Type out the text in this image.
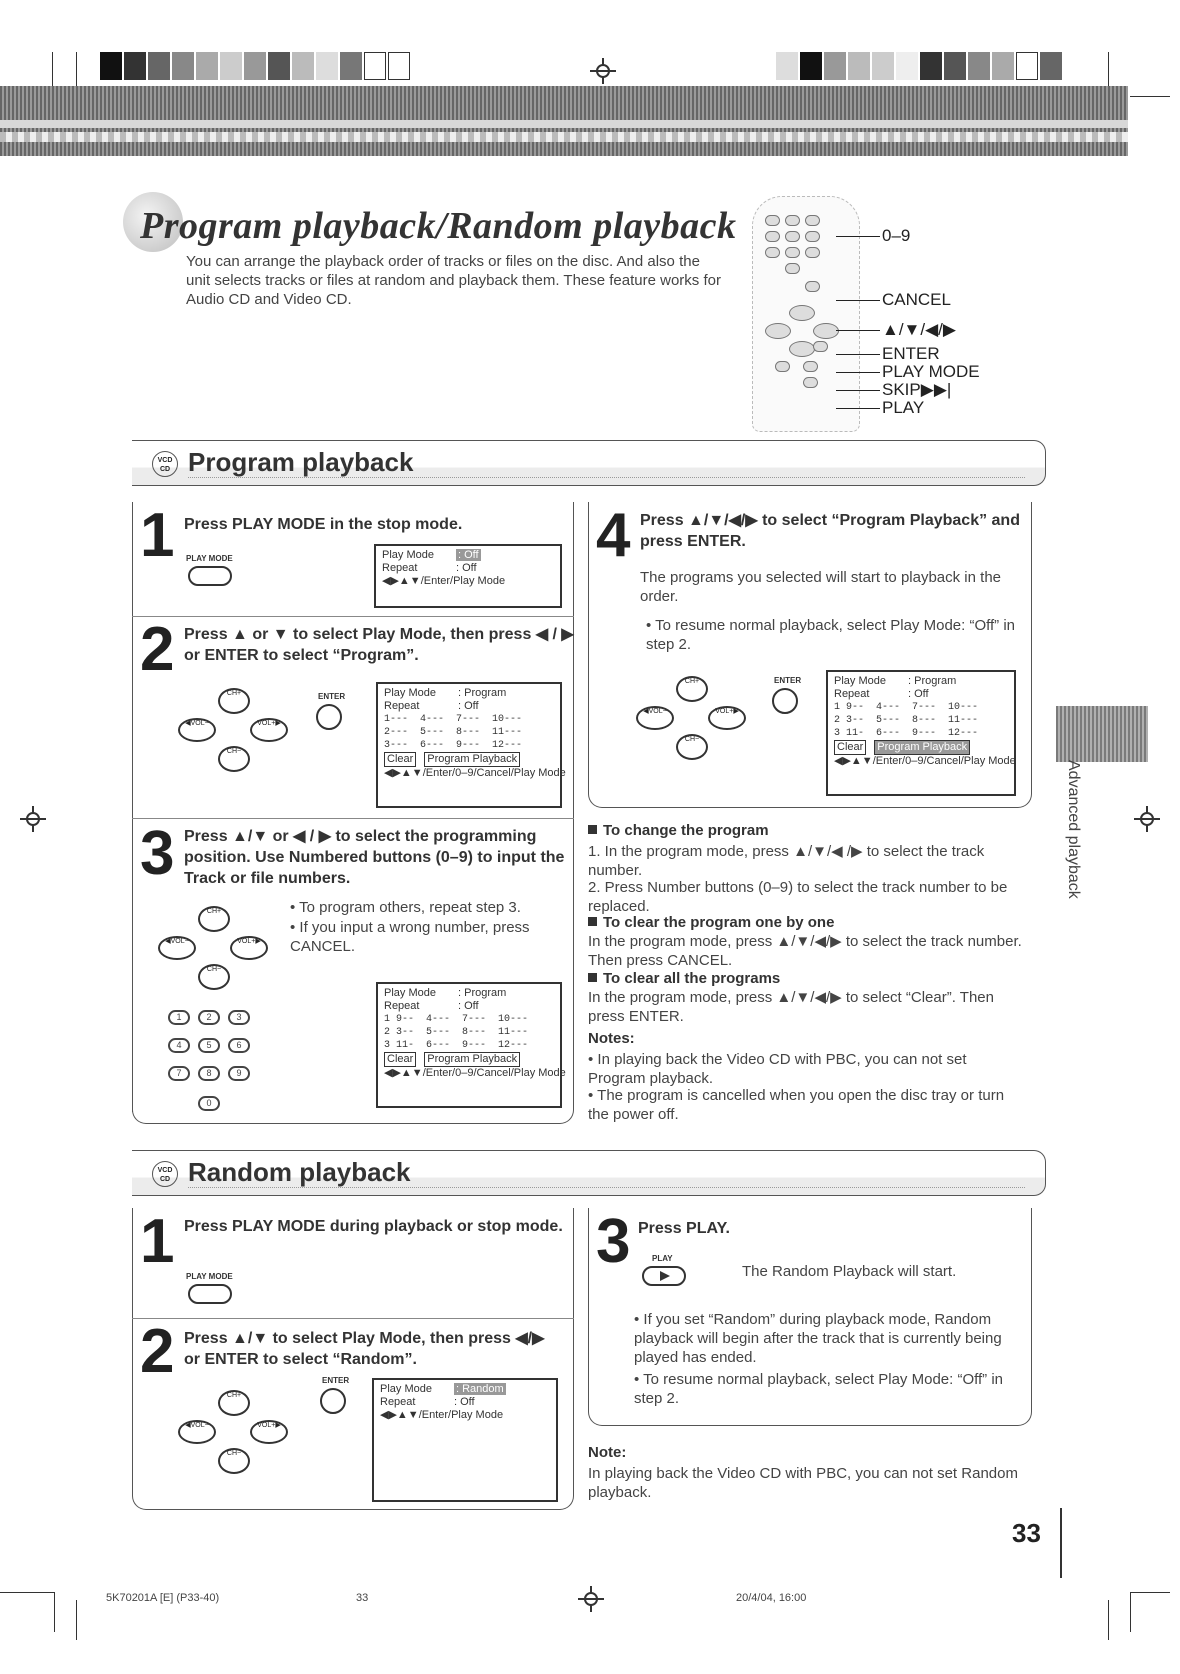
Program playback/Random playback
You can arrange the playback order of tracks or files on the disc. And also the unit selects tracks or files at random and playback them. These feature works for Audio CD and Video CD.
0–9
CANCEL
▲/▼/◀/▶
ENTER
PLAY MODE
SKIP▶▶|
PLAY
VCD
CD Program playback
1 Press PLAY MODE in the stop mode.
PLAY MODE	Play Mode : Off
Repeat	: Off
◀▶▲▼/Enter/Play Mode
2 Press ▲ or ▼ to select Play Mode, then press ◀ / ▶ or ENTER to select “Program”.
CH+
◀VOL−	VOL+▶
CH−
ENTER	Play Mode : Program
Repeat	: Off
1---  4---  7---  10---
2---  5---  8---  11---
3---  6---  9---  12---
Clear Program Playback
◀▶▲▼/Enter/0–9/Cancel/Play Mode
3 Press ▲/▼ or ◀ / ▶ to select the programming position. Use Numbered buttons (0–9) to input the Track or file numbers.
CH+
◀VOL−	VOL+▶
CH−
• To program others, repeat step 3.
• If you input a wrong number, press CANCEL.
1	2	3
4	5	6
7	8	9
0
Play Mode : Program
Repeat	: Off
1 9--  4---  7---  10---
2 3--  5---  8---  11---
3 11-  6---  9---  12---
Clear Program Playback
◀▶▲▼/Enter/0–9/Cancel/Play Mode
4 Press ▲/▼/◀/▶ to select “Program Playback” and press ENTER.
The programs you selected will start to playback in the order.
• To resume normal playback, select Play Mode: “Off” in step 2.
CH+
◀VOL−	VOL+▶
CH−
ENTER	Play Mode : Program
Repeat	: Off
1 9--  4---  7---  10---
2 3--  5---  8---  11---
3 11-  6---  9---  12---
Clear Program Playback
◀▶▲▼/Enter/0–9/Cancel/Play Mode
To change the program
1. In the program mode, press ▲/▼/◀ /▶ to select the track number.
2. Press Number buttons (0–9) to select the track number to be replaced.
To clear the program one by one
In the program mode, press ▲/▼/◀/▶ to select the track number. Then press CANCEL.
To clear all the programs
In the program mode, press ▲/▼/◀/▶ to select “Clear”. Then press ENTER.
Notes:
• In playing back the Video CD with PBC, you can not set Program playback.
• The program is cancelled when you open the disc tray or turn the power off.
VCD
CD Random playback
1 Press PLAY MODE during playback or stop mode.
PLAY MODE
2 Press ▲/▼ to select Play Mode, then press ◀/▶ or ENTER to select “Random”.
CH+
◀VOL−	VOL+▶
CH−
ENTER
Play Mode : Random
Repeat	: Off
◀▶▲▼/Enter/Play Mode
3 Press PLAY.
PLAY
The Random Playback will start.
• If you set “Random” during playback mode, Random playback will begin after the track that is currently being played has ended.
• To resume normal playback, select Play Mode: “Off” in step 2.
Note:
In playing back the Video CD with PBC, you can not set Random playback.
Advanced playback
33
5K70201A [E] (P33-40)	33	20/4/04, 16:00
